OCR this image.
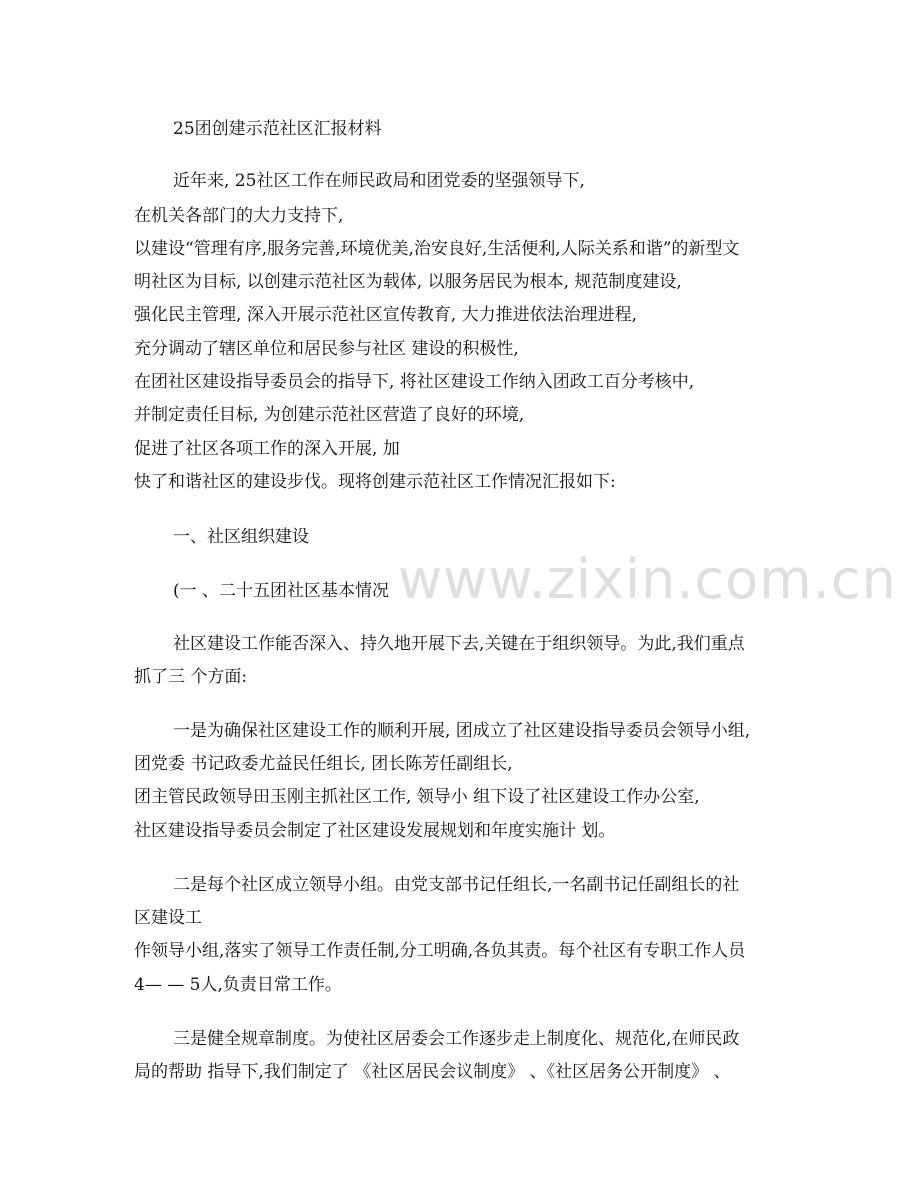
www.zixin.com.cn
25团创建示范社区汇报材料
近年来, 25社区工作在师民政局和团党委的坚强领导下,
在机关各部门的大力支持下,
以建设“管理有序,服务完善,环境优美,治安良好,生活便利,人际关系和谐”的新型文
明社区为目标, 以创建示范社区为载体, 以服务居民为根本, 规范制度建设,
强化民主管理, 深入开展示范社区宣传教育, 大力推进依法治理进程,
充分调动了辖区单位和居民参与社区 建设的积极性,
在团社区建设指导委员会的指导下, 将社区建设工作纳入团政工百分考核中,
并制定责任目标, 为创建示范社区营造了良好的环境,
促进了社区各项工作的深入开展, 加
快了和谐社区的建设步伐。现将创建示范社区工作情况汇报如下:
一、社区组织建设
(一 、二十五团社区基本情况
社区建设工作能否深入、持久地开展下去,关键在于组织领导。为此,我们重点
抓了三 个方面:
一是为确保社区建设工作的顺利开展, 团成立了社区建设指导委员会领导小组,
团党委 书记政委尤益民任组长, 团长陈芳任副组长,
团主管民政领导田玉刚主抓社区工作, 领导小 组下设了社区建设工作办公室,
社区建设指导委员会制定了社区建设发展规划和年度实施计 划。
二是每个社区成立领导小组。由党支部书记任组长,一名副书记任副组长的社
区建设工
作领导小组,落实了领导工作责任制,分工明确,各负其责。每个社区有专职工作人员
4— — 5人,负责日常工作。
三是健全规章制度。为使社区居委会工作逐步走上制度化、规范化,在师民政
局的帮助 指导下,我们制定了 《社区居民会议制度》 、《社区居务公开制度》 、
